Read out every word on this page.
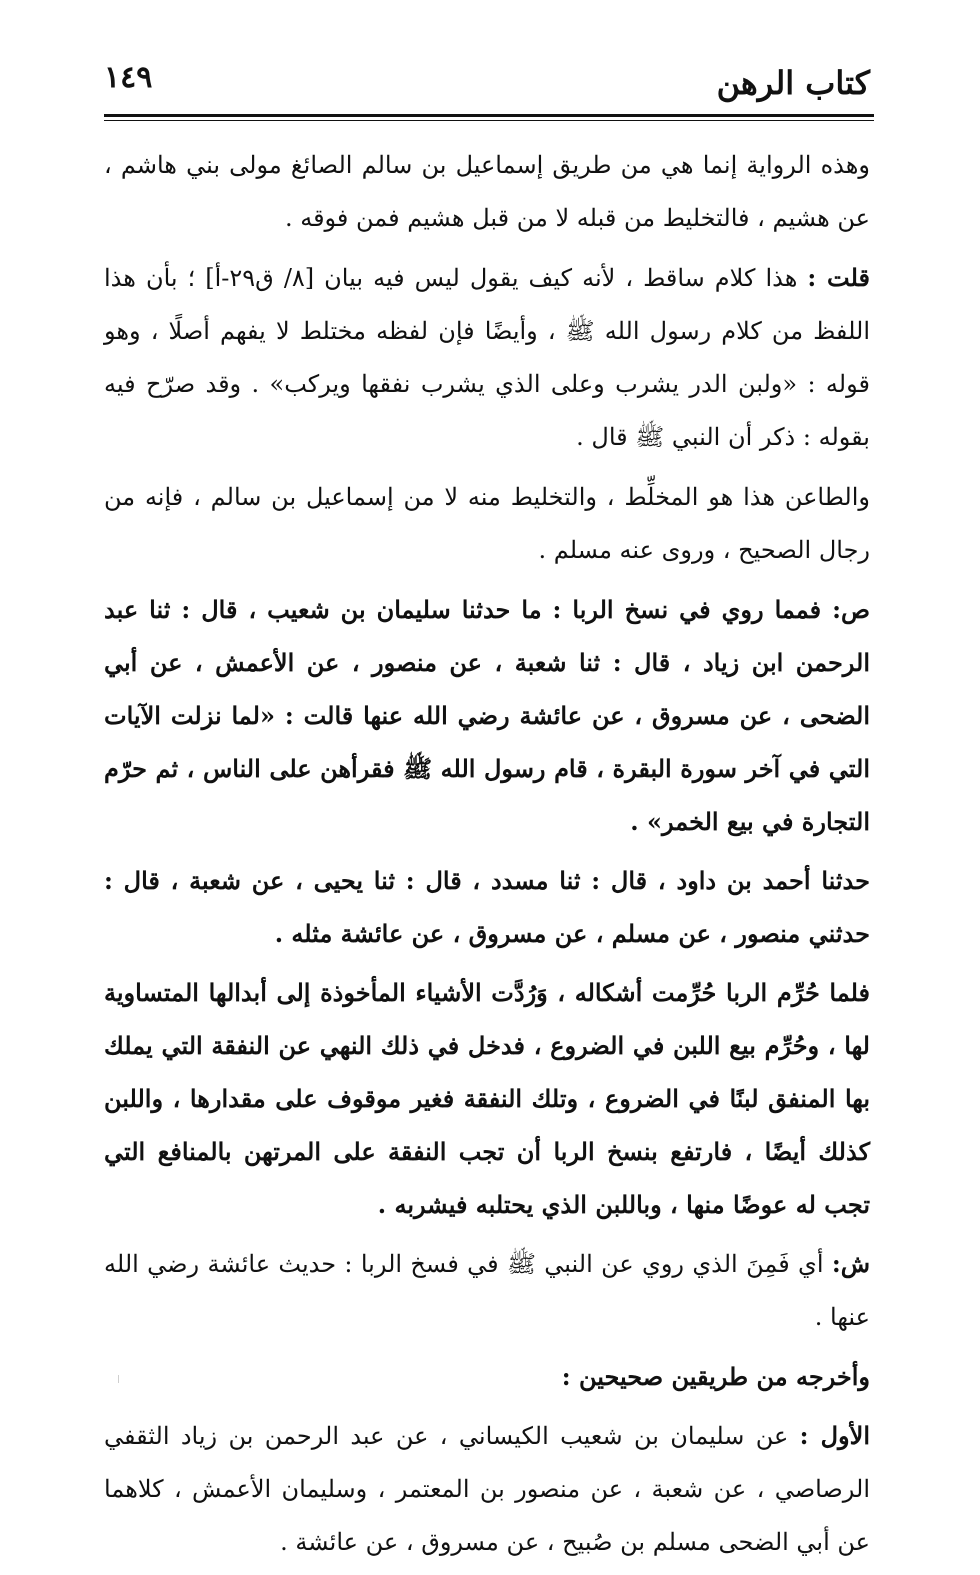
كتاب الرهن
١٤٩

وهذه الرواية إنما هي من طريق إسماعيل بن سالم الصائغ مولى بني هاشم ، عن هشيم ، فالتخليط من قبله لا من قبل هشيم فمن فوقه .

قلت : هذا كلام ساقط ، لأنه كيف يقول ليس فيه بيان [٨/ ق٢٩-أ] ؛ بأن هذا اللفظ من كلام رسول الله ﷺ ، وأيضًا فإن لفظه مختلط لا يفهم أصلًا ، وهو قوله : «ولبن الدر يشرب وعلى الذي يشرب نفقها ويركب» . وقد صرّح فيه بقوله : ذكر أن النبي ﷺ قال .

والطاعن هذا هو المخلِّط ، والتخليط منه لا من إسماعيل بن سالم ، فإنه من رجال الصحيح ، وروى عنه مسلم .

ص: فمما روي في نسخ الربا : ما حدثنا سليمان بن شعيب ، قال : ثنا عبد الرحمن ابن زياد ، قال : ثنا شعبة ، عن منصور ، عن الأعمش ، عن أبي الضحى ، عن مسروق ، عن عائشة رضي الله عنها قالت : «لما نزلت الآيات التي في آخر سورة البقرة ، قام رسول الله ﷺ فقرأهن على الناس ، ثم حرّم التجارة في بيع الخمر» .

حدثنا أحمد بن داود ، قال : ثنا مسدد ، قال : ثنا يحيى ، عن شعبة ، قال : حدثني منصور ، عن مسلم ، عن مسروق ، عن عائشة مثله .

فلما حُرِّم الربا حُرِّمت أشكاله ، وَرُدَّت الأشياء المأخوذة إلى أبدالها المتساوية لها ، وحُرِّم بيع اللبن في الضروع ، فدخل في ذلك النهي عن النفقة التي يملك بها المنفق لبنًا في الضروع ، وتلك النفقة فغير موقوف على مقدارها ، واللبن كذلك أيضًا ، فارتفع بنسخ الربا أن تجب النفقة على المرتهن بالمنافع التي تجب له عوضًا منها ، وباللبن الذي يحتلبه فيشربه .

ش: أي فَمِنَ الذي روي عن النبي ﷺ في فسخ الربا : حديث عائشة رضي الله عنها .

وأخرجه من طريقين صحيحين :

الأول : عن سليمان بن شعيب الكيساني ، عن عبد الرحمن بن زياد الثقفي الرصاصي ، عن شعبة ، عن منصور بن المعتمر ، وسليمان الأعمش ، كلاهما عن أبي الضحى مسلم بن صُبيح ، عن مسروق ، عن عائشة .
